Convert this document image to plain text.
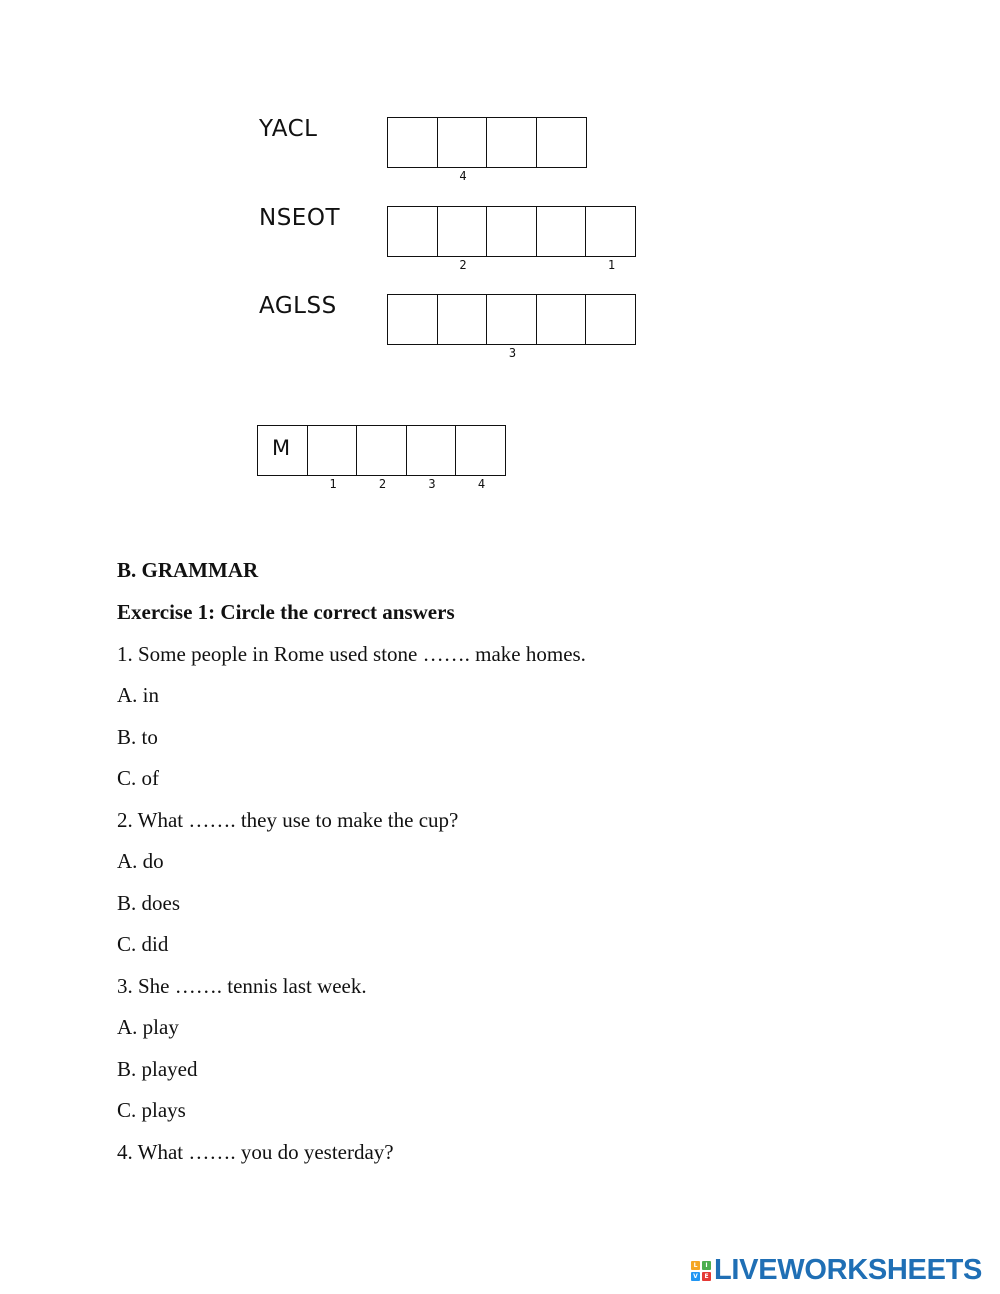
YACL
4
NSEOT
2	1
AGLSS
3
M
1	2	3	4
B. GRAMMAR
Exercise 1: Circle the correct answers
1. Some people in Rome used stone ……. make homes.
A. in
B. to
C. of
2. What ……. they use to make the cup?
A. do
B. does
C. did
3. She ……. tennis last week.
A. play
B. played
C. plays
4. What ……. you do yesterday?
L	I
V	E LIVEWORKSHEETS
